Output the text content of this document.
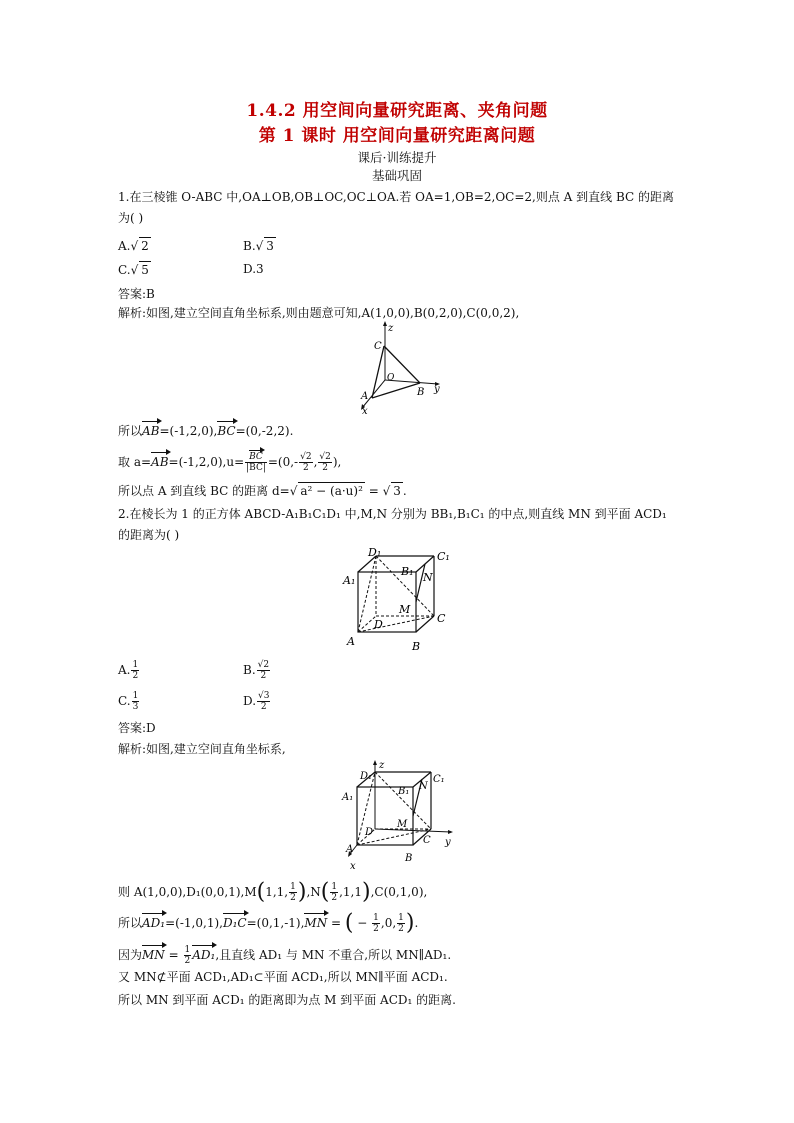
1.4.2 用空间向量研究距离、夹角问题
第 1 课时 用空间向量研究距离问题
课后·训练提升
基础巩固
1.在三棱锥 O-ABC 中,OA⊥OB,OB⊥OC,OC⊥OA.若 OA=1,OB=2,OC=2,则点 A 到直线 BC 的距离
为( )
A.√ 2	B.√ 3
C.√ 5	D.3
答案:B
解析:如图,建立空间直角坐标系,则由题意可知,A(1,0,0),B(0,2,0),C(0,0,2),
z
C
O
y
A	B
x
所以AB=(-1,2,0),BC=(0,-2,2).
取 $a=AB=(-1,2,0),u= \frac{BC}{|BC|} =(0,- \frac{√2}{2}$ , $\frac{√2}{2}$ ),
所以点 A 到直线 BC 的距离 d=√ a² − (a·u)² = √ 3 .
2.在棱长为 1 的正方体 ABCD-A₁B₁C₁D₁ 中,M,N 分别为 BB₁,B₁C₁ 的中点,则直线 MN 到平面 ACD₁
的距离为( )
D₁	C₁
A₁
B₁ N
M
D	C
A	B
A. $\frac{1}{2}$	B. $\frac{√2}{2}$
C. $\frac{1}{3}$	D. $\frac{√3}{2}$
答案:D
解析:如图,建立空间直角坐标系,
z
D₁	C₁
A₁
B₁ N
M
D
C
A
B
y
x
则 A(1,0,0),D₁(0,0,1),M(1,1, $\frac{1}{2} ),N( \frac{1}{2} ,1,1),C(0,1,0)$,
所以AD₁=(-1,0,1),D₁C=(0,1,-1),MN = ( − $\frac{1}{2} ,0$, $\frac{1}{2}$ ).
因为MN = $\frac{1}{2} AD_1$,且直线 AD₁ 与 MN 不重合,所以 MN∥AD₁.
又 MN⊄平面 ACD₁,AD₁⊂平面 ACD₁,所以 MN∥平面 ACD₁.
所以 MN 到平面 ACD₁ 的距离即为点 M 到平面 ACD₁ 的距离.
